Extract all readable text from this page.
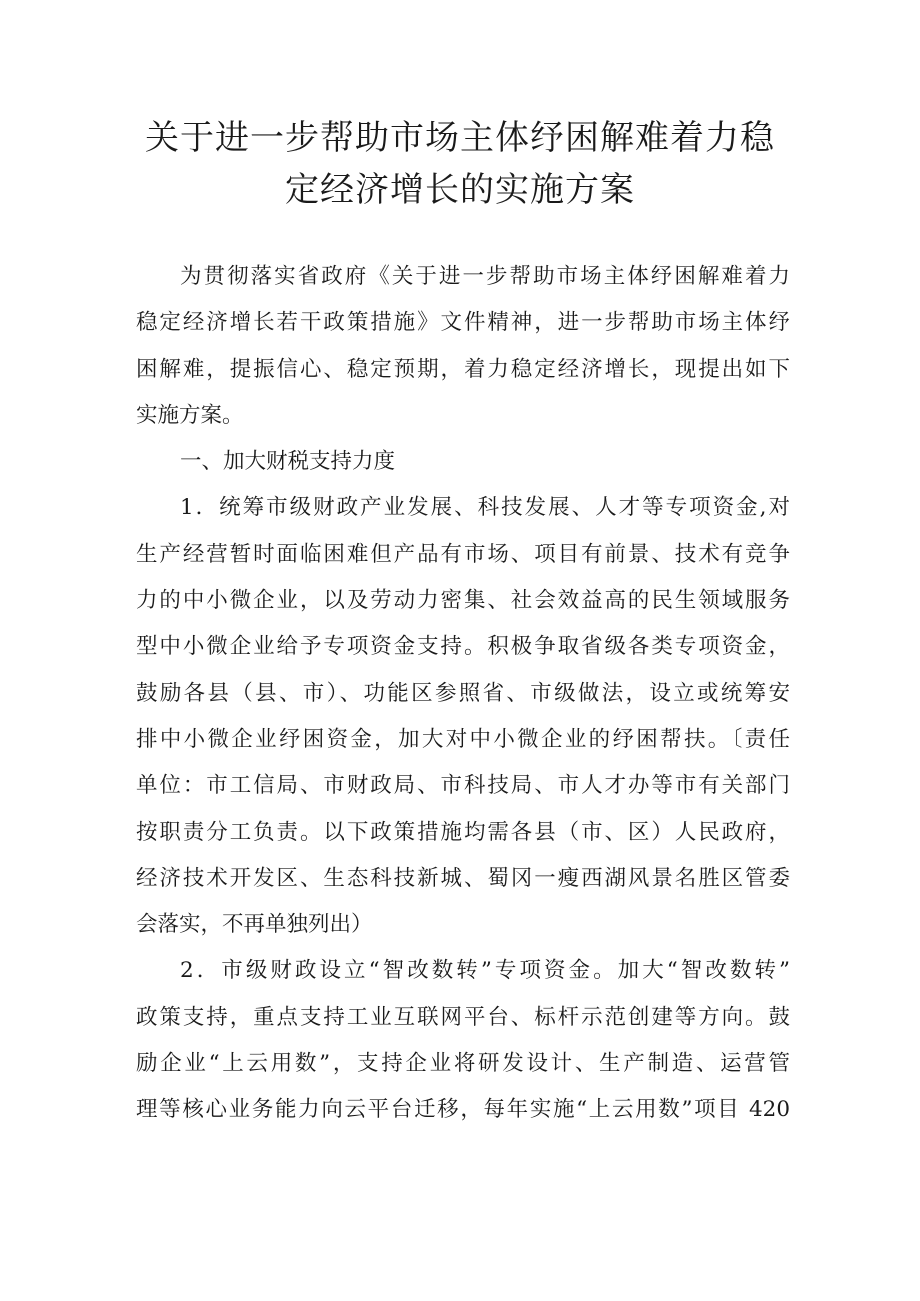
关于进一步帮助市场主体纾困解难着力稳
定经济增长的实施方案
为贯彻落实省政府《关于进一步帮助市场主体纾困解难着力
稳定经济增长若干政策措施》文件精神，进一步帮助市场主体纾
困解难，提振信心、稳定预期，着力稳定经济增长，现提出如下
实施方案。
一、加大财税支持力度
1．统筹市级财政产业发展、科技发展、人才等专项资金,对
生产经营暂时面临困难但产品有市场、项目有前景、技术有竞争
力的中小微企业，以及劳动力密集、社会效益高的民生领域服务
型中小微企业给予专项资金支持。积极争取省级各类专项资金，
鼓励各县（县、市）、功能区参照省、市级做法，设立或统筹安
排中小微企业纾困资金，加大对中小微企业的纾困帮扶。〔责任
单位：市工信局、市财政局、市科技局、市人才办等市有关部门
按职责分工负责。以下政策措施均需各县（市、区）人民政府，
经济技术开发区、生态科技新城、蜀冈一瘦西湖风景名胜区管委
会落实，不再单独列出）
2．市级财政设立“智改数转”专项资金。加大“智改数转”
政策支持，重点支持工业互联网平台、标杆示范创建等方向。鼓
励企业“上云用数”，支持企业将研发设计、生产制造、运营管
理等核心业务能力向云平台迁移，每年实施“上云用数”项目 420
